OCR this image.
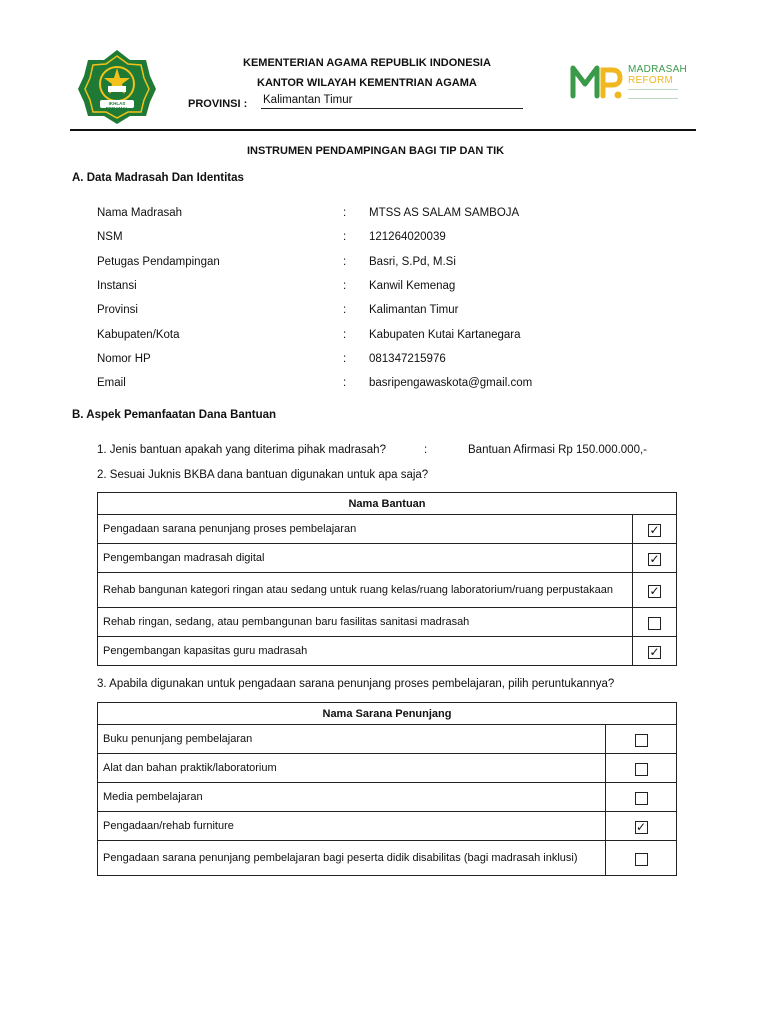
IKHLAS BERAMAL
KEMENTERIAN AGAMA REPUBLIK INDONESIA
KANTOR WILAYAH KEMENTRIAN AGAMA
PROVINSI : Kalimantan Timur
MADRASAH
REFORM
INSTRUMEN PENDAMPINGAN BAGI TIP DAN TIK
A. Data Madrasah Dan Identitas
Nama Madrasah	: MTSS AS SALAM SAMBOJA
NSM	: 121264020039
Petugas Pendampingan	: Basri, S.Pd, M.Si
Instansi	: Kanwil Kemenag
Provinsi	: Kalimantan Timur
Kabupaten/Kota	: Kabupaten Kutai Kartanegara
Nomor HP	: 081347215976
Email	: basripengawaskota@gmail.com
B. Aspek Pemanfaatan Dana Bantuan
1. Jenis bantuan apakah yang diterima pihak madrasah?	:	Bantuan Afirmasi Rp 150.000.000,-
2. Sesuai Juknis BKBA dana bantuan digunakan untuk apa saja?
Nama Bantuan	
Pengadaan sarana penunjang proses pembelajaran	✓
Pengembangan madrasah digital	✓
Rehab bangunan kategori ringan atau sedang untuk ruang kelas/ruang laboratorium/ruang perpustakaan	✓
Rehab ringan, sedang, atau pembangunan baru fasilitas sanitasi madrasah	
Pengembangan kapasitas guru madrasah	✓
3. Apabila digunakan untuk pengadaan sarana penunjang proses pembelajaran, pilih peruntukannya?
Nama Sarana Penunjang	
Buku penunjang pembelajaran	
Alat dan bahan praktik/laboratorium	
Media pembelajaran	
Pengadaan/rehab furniture	✓
Pengadaan sarana penunjang pembelajaran bagi peserta didik disabilitas (bagi madrasah inklusi)	
